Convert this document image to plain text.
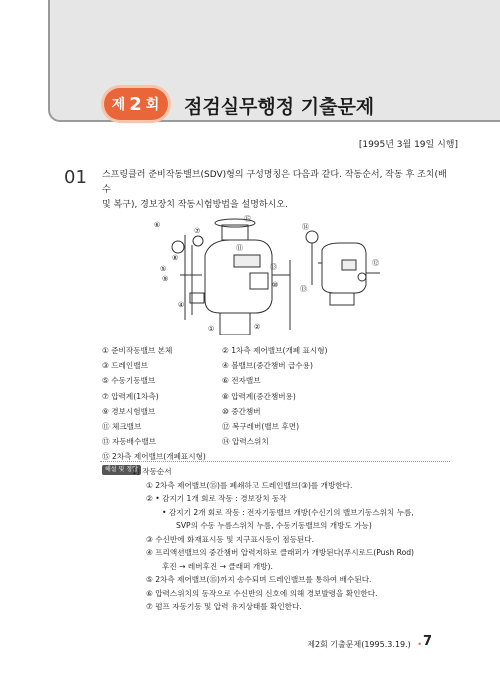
제 2 회 점검실무행정 기출문제
[1995년 3월 19일 시행]
01 스프링클러 준비작동밸브(SDV)형의 구성명칭은 다음과 같다. 작동순서, 작동 후 조치(배수
및 복구), 경보장치 작동시험방법을 설명하시오.
⑥
⑧
⑮
⑦
⑪
⑤
⑨
⑬
⑩
④
①	②
⑭
⑫
⑬
① 준비작동밸브 본체	② 1차측 제어밸브(개폐 표시형)
③ 드레인밸브	④ 볼밸브(중간챔버 급수용)
⑤ 수동기동밸브	⑥ 전자밸브
⑦ 압력계(1차측)	⑧ 압력계(중간챔버용)
⑨ 경보시험밸브	⑩ 중간챔버
⑪ 체크밸브	⑫ 복구레버(밸브 후면)
⑬ 자동배수밸브	⑭ 압력스위치
⑮ 2차측 제어밸브(개폐표시형)
해설 및 정답
1) 작동순서
① 2차측 제어밸브(⑮)를 폐쇄하고 드레인밸브(③)를 개방한다.
② • 감지기 1개 회로 작동 : 경보장치 동작
• 감지기 2개 회로 작동 : 전자기동밸브 개방(수신기의 밸브기동스위치 누름,
SVP의 수동 누름스위치 누름, 수동기동밸브의 개방도 가능)
③ 수신반에 화재표시등 및 지구표시등이 점등된다.
④ 프리액션밸브의 중간챔버 압력저하로 클래퍼가 개방된다(푸시로드(Push Rod)
후진 → 레버후진 → 클래퍼 개방).
⑤ 2차측 제어밸브(⑮)까지 송수되며 드레인밸브를 통하여 배수된다.
⑥ 압력스위치의 동작으로 수신반의 신호에 의해 경보발령을 확인한다.
⑦ 펌프 자동기동 및 압력 유지상태를 확인한다.
제2회 기출문제(1995.3.19.) • 7
